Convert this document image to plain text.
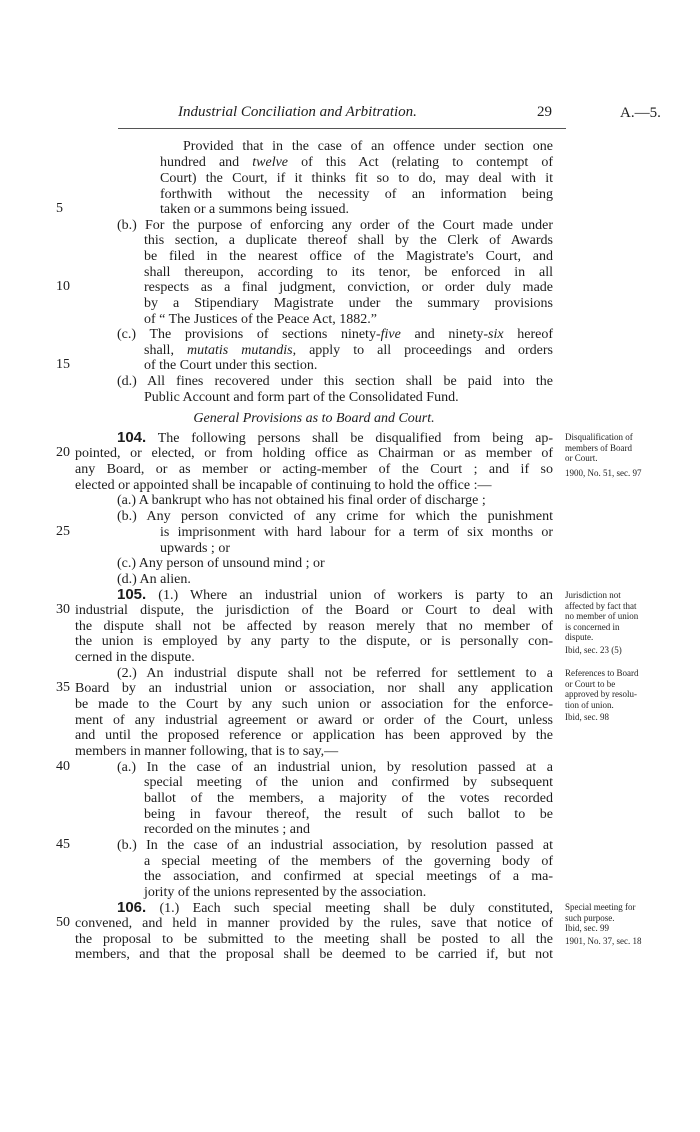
Industrial Conciliation and Arbitration.	29	A.—5.
5
10
15
20
25
30
35
40
45
50
Provided that in the case of an offence under section one
hundred and twelve of this Act (relating to contempt of
Court) the Court, if it thinks fit so to do, may deal with it
forthwith without the necessity of an information being
taken or a summons being issued.
(b.) For the purpose of enforcing any order of the Court made under
this section, a duplicate thereof shall by the Clerk of Awards
be filed in the nearest office of the Magistrate's Court, and
shall thereupon, according to its tenor, be enforced in all
respects as a final judgment, conviction, or order duly made
by a Stipendiary Magistrate under the summary provisions
of “ The Justices of the Peace Act, 1882.”
(c.) The provisions of sections ninety-five and ninety-six hereof
shall, mutatis mutandis, apply to all proceedings and orders
of the Court under this section.
(d.) All fines recovered under this section shall be paid into the
Public Account and form part of the Consolidated Fund.
General Provisions as to Board and Court.
104. The following persons shall be disqualified from being ap-
pointed, or elected, or from holding office as Chairman or as member of
any Board, or as member or acting-member of the Court ; and if so
elected or appointed shall be incapable of continuing to hold the office :—
(a.) A bankrupt who has not obtained his final order of discharge ;
(b.) Any person convicted of any crime for which the punishment
is imprisonment with hard labour for a term of six months or
upwards ; or
(c.) Any person of unsound mind ; or
(d.) An alien.
105. (1.) Where an industrial union of workers is party to an
industrial dispute, the jurisdiction of the Board or Court to deal with
the dispute shall not be affected by reason merely that no member of
the union is employed by any party to the dispute, or is personally con-
cerned in the dispute.
(2.) An industrial dispute shall not be referred for settlement to a
Board by an industrial union or association, nor shall any application
be made to the Court by any such union or association for the enforce-
ment of any industrial agreement or award or order of the Court, unless
and until the proposed reference or application has been approved by the
members in manner following, that is to say,—
(a.) In the case of an industrial union, by resolution passed at a
special meeting of the union and confirmed by subsequent
ballot of the members, a majority of the votes recorded
being in favour thereof, the result of such ballot to be
recorded on the minutes ; and
(b.) In the case of an industrial association, by resolution passed at
a special meeting of the members of the governing body of
the association, and confirmed at special meetings of a ma-
jority of the unions represented by the association.
106. (1.) Each such special meeting shall be duly constituted,
convened, and held in manner provided by the rules, save that notice of
the proposal to be submitted to the meeting shall be posted to all the
members, and that the proposal shall be deemed to be carried if, but not
Disqualification of
members of Board
or Court.
1900, No. 51, sec. 97
Jurisdiction not
affected by fact that
no member of union
is concerned in
dispute.
Ibid, sec. 23 (5)
References to Board
or Court to be
approved by resolu-
tion of union.
Ibid, sec. 98
Special meeting for
such purpose.
Ibid, sec. 99
1901, No. 37, sec. 18
